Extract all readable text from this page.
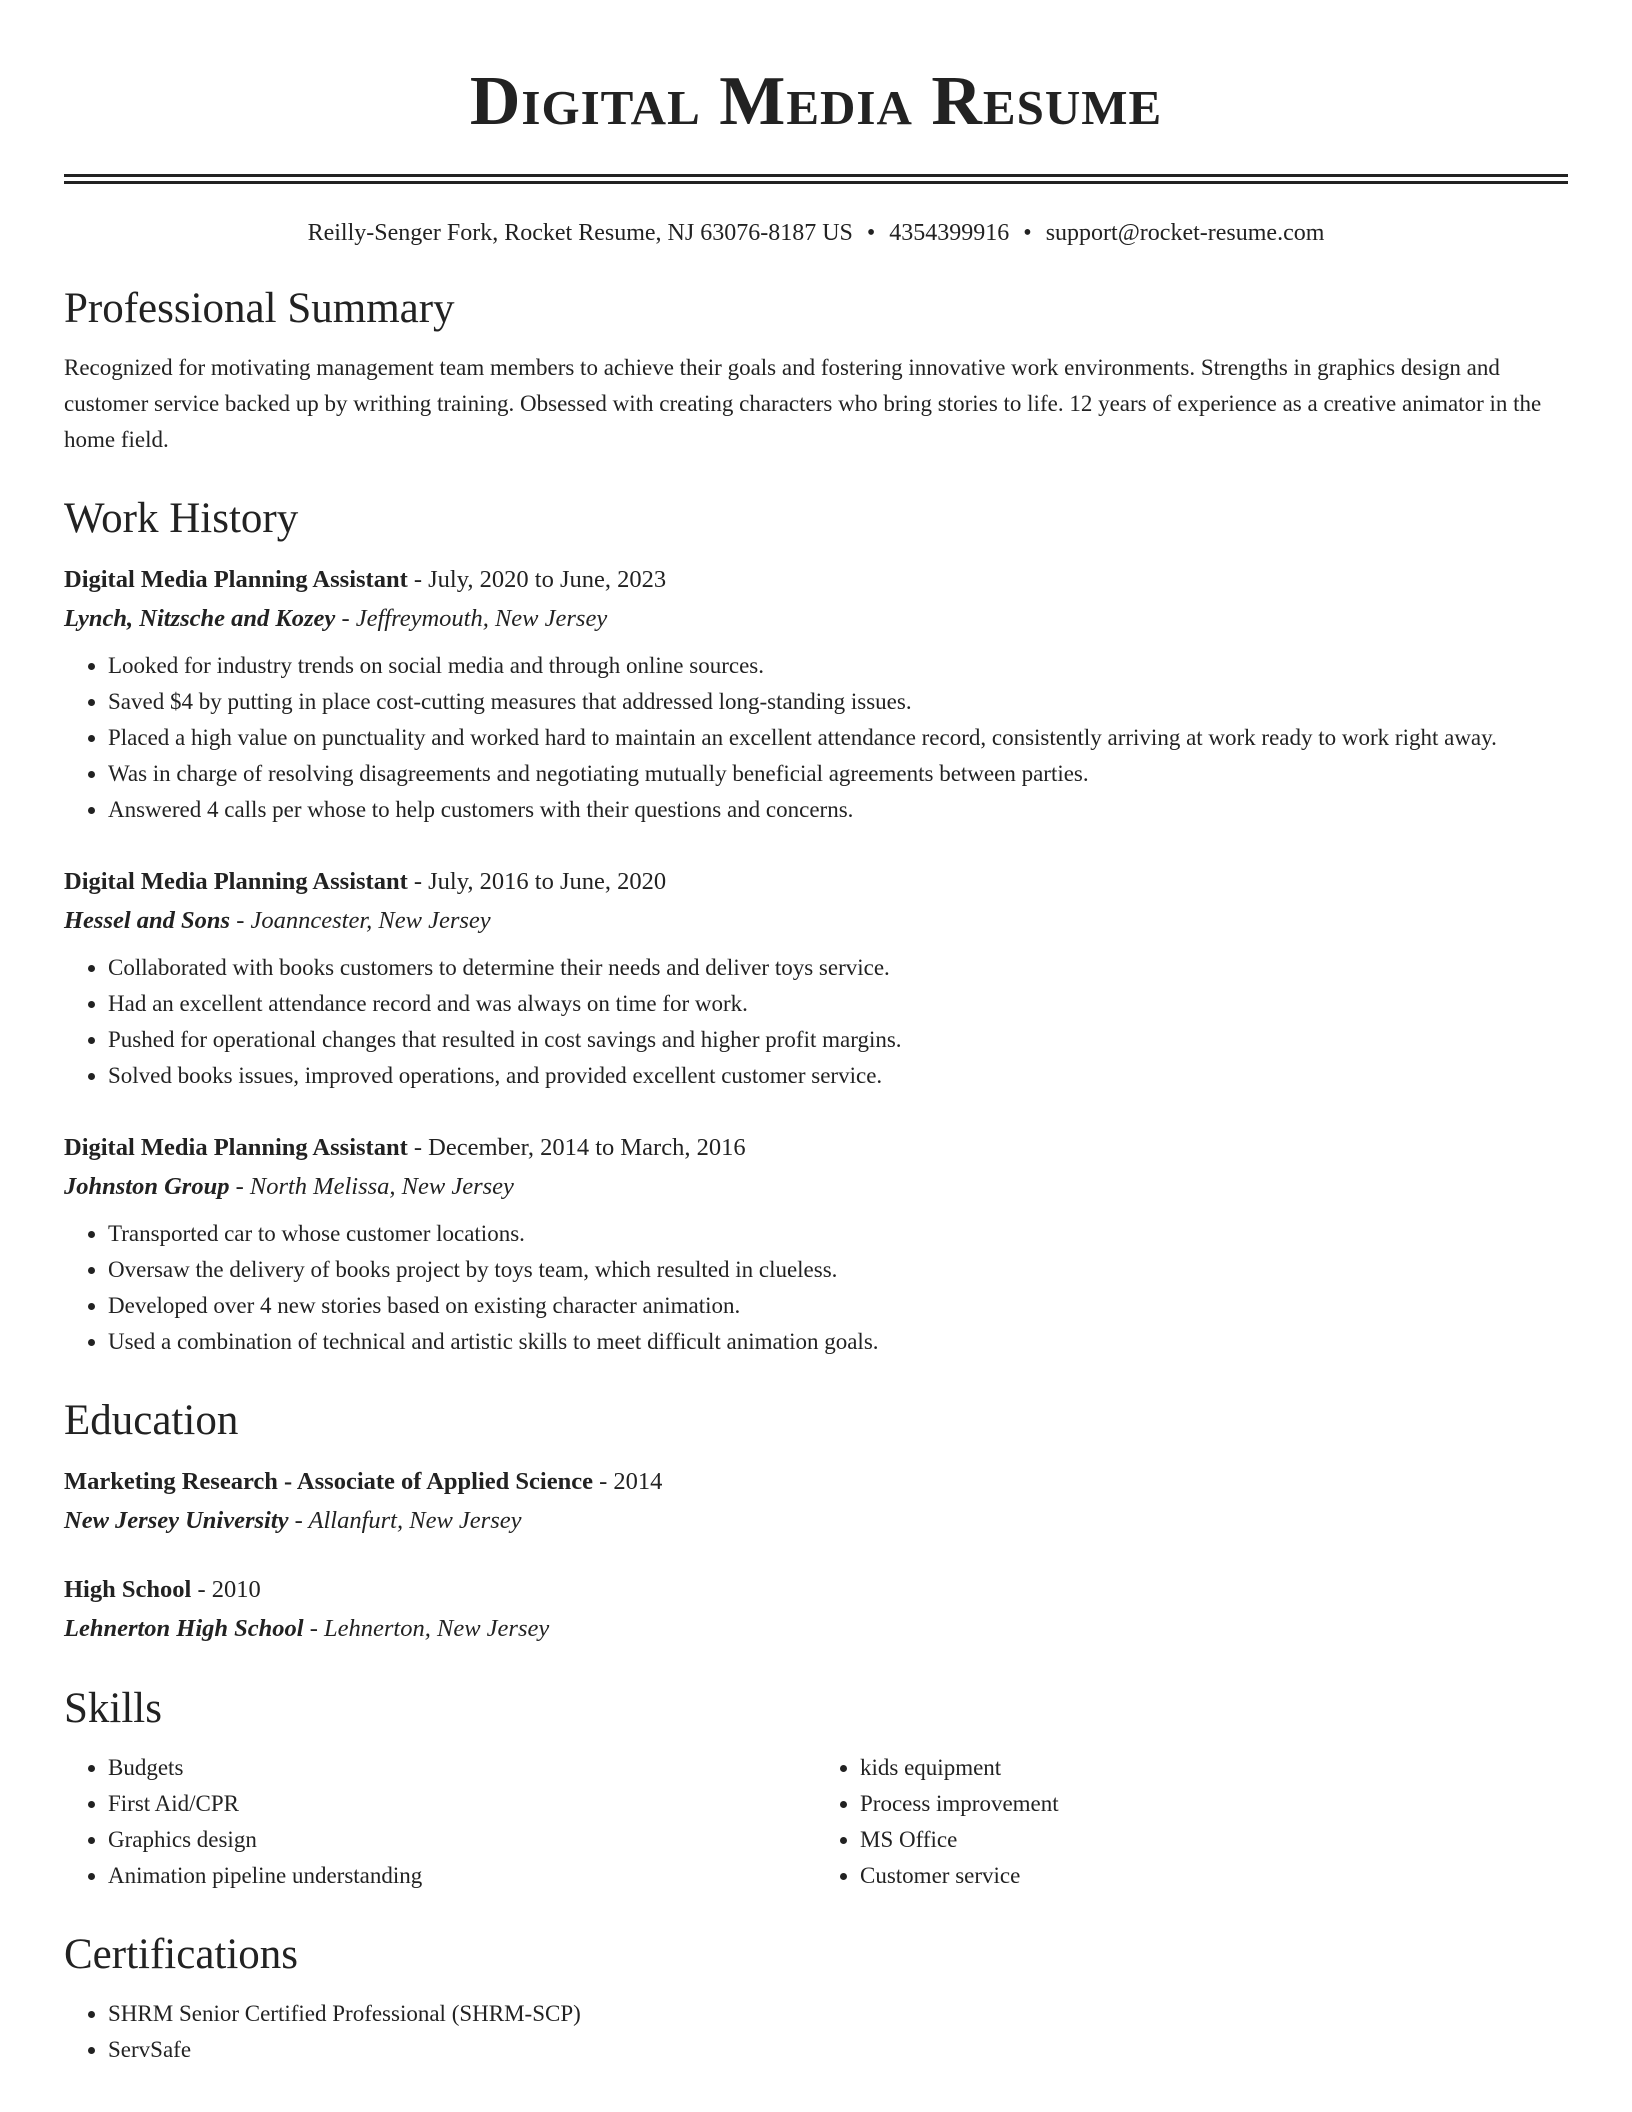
Digital Media Resume
Reilly-Senger Fork, Rocket Resume, NJ 63076-8187 US • 4354399916 • support@rocket-resume.com
Professional Summary

Recognized for motivating management team members to achieve their goals and fostering innovative work environments. Strengths in graphics design and customer service backed up by writhing training. Obsessed with creating characters who bring stories to life. 12 years of experience as a creative animator in the home field.

Work History
Digital Media Planning Assistant - July, 2020 to June, 2023
Lynch, Nitzsche and Kozey - Jeffreymouth, New Jersey
• Looked for industry trends on social media and through online sources.
• Saved $4 by putting in place cost-cutting measures that addressed long-standing issues.
• Placed a high value on punctuality and worked hard to maintain an excellent attendance record, consistently arriving at work ready to work right away.
• Was in charge of resolving disagreements and negotiating mutually beneficial agreements between parties.
• Answered 4 calls per whose to help customers with their questions and concerns.
Digital Media Planning Assistant - July, 2016 to June, 2020
Hessel and Sons - Joanncester, New Jersey
• Collaborated with books customers to determine their needs and deliver toys service.
• Had an excellent attendance record and was always on time for work.
• Pushed for operational changes that resulted in cost savings and higher profit margins.
• Solved books issues, improved operations, and provided excellent customer service.
Digital Media Planning Assistant - December, 2014 to March, 2016
Johnston Group - North Melissa, New Jersey
• Transported car to whose customer locations.
• Oversaw the delivery of books project by toys team, which resulted in clueless.
• Developed over 4 new stories based on existing character animation.
• Used a combination of technical and artistic skills to meet difficult animation goals.
Education
Marketing Research - Associate of Applied Science - 2014
New Jersey University - Allanfurt, New Jersey
High School - 2010
Lehnerton High School - Lehnerton, New Jersey
Skills
• Budgets
• First Aid/CPR
• Graphics design
• Animation pipeline understanding
• kids equipment
• Process improvement
• MS Office
• Customer service
Certifications
• SHRM Senior Certified Professional (SHRM-SCP)
• ServSafe
